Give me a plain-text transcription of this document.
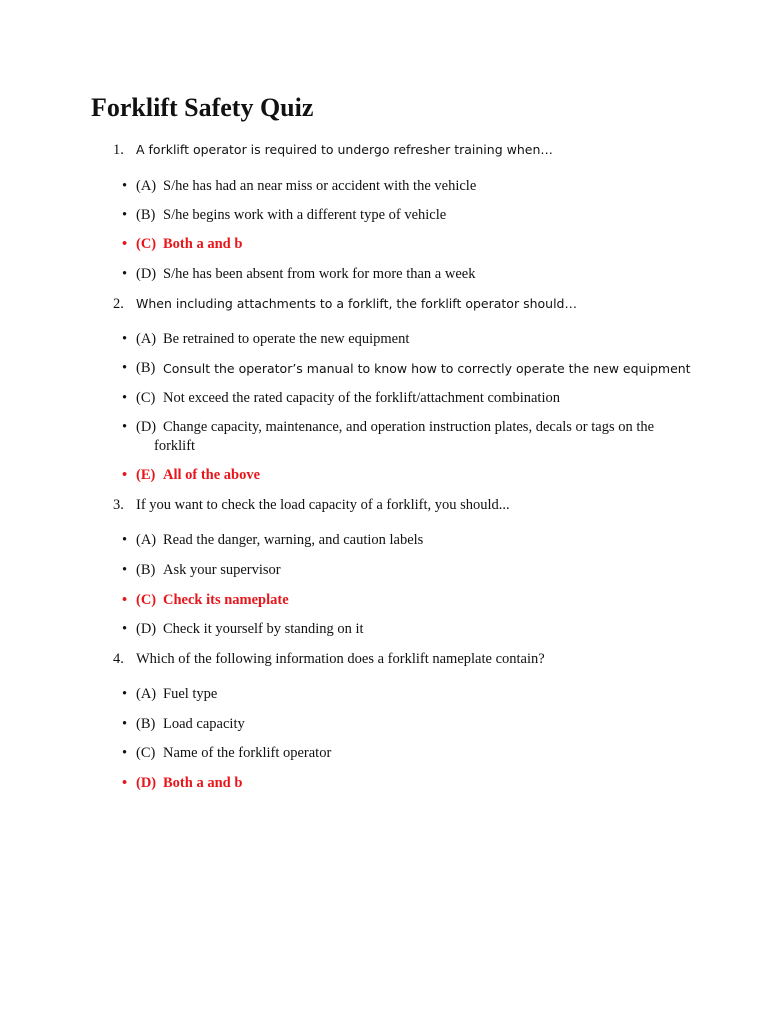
Forklift Safety Quiz
1. A forklift operator is required to undergo refresher training when…
• (A) S/he has had an near miss or accident with the vehicle
• (B) S/he begins work with a different type of vehicle
• (C) Both a and b
• (D) S/he has been absent from work for more than a week
2. When including attachments to a forklift, the forklift operator should…
• (A) Be retrained to operate the new equipment
• (B) Consult the operator’s manual to know how to correctly operate the new equipment
• (C) Not exceed the rated capacity of the forklift/attachment combination
• (D) Change capacity, maintenance, and operation instruction plates, decals or tags on the forklift
• (E) All of the above
3. If you want to check the load capacity of a forklift, you should...
• (A) Read the danger, warning, and caution labels
• (B) Ask your supervisor
• (C) Check its nameplate
• (D) Check it yourself by standing on it
4. Which of the following information does a forklift nameplate contain?
• (A) Fuel type
• (B) Load capacity
• (C) Name of the forklift operator
• (D) Both a and b
